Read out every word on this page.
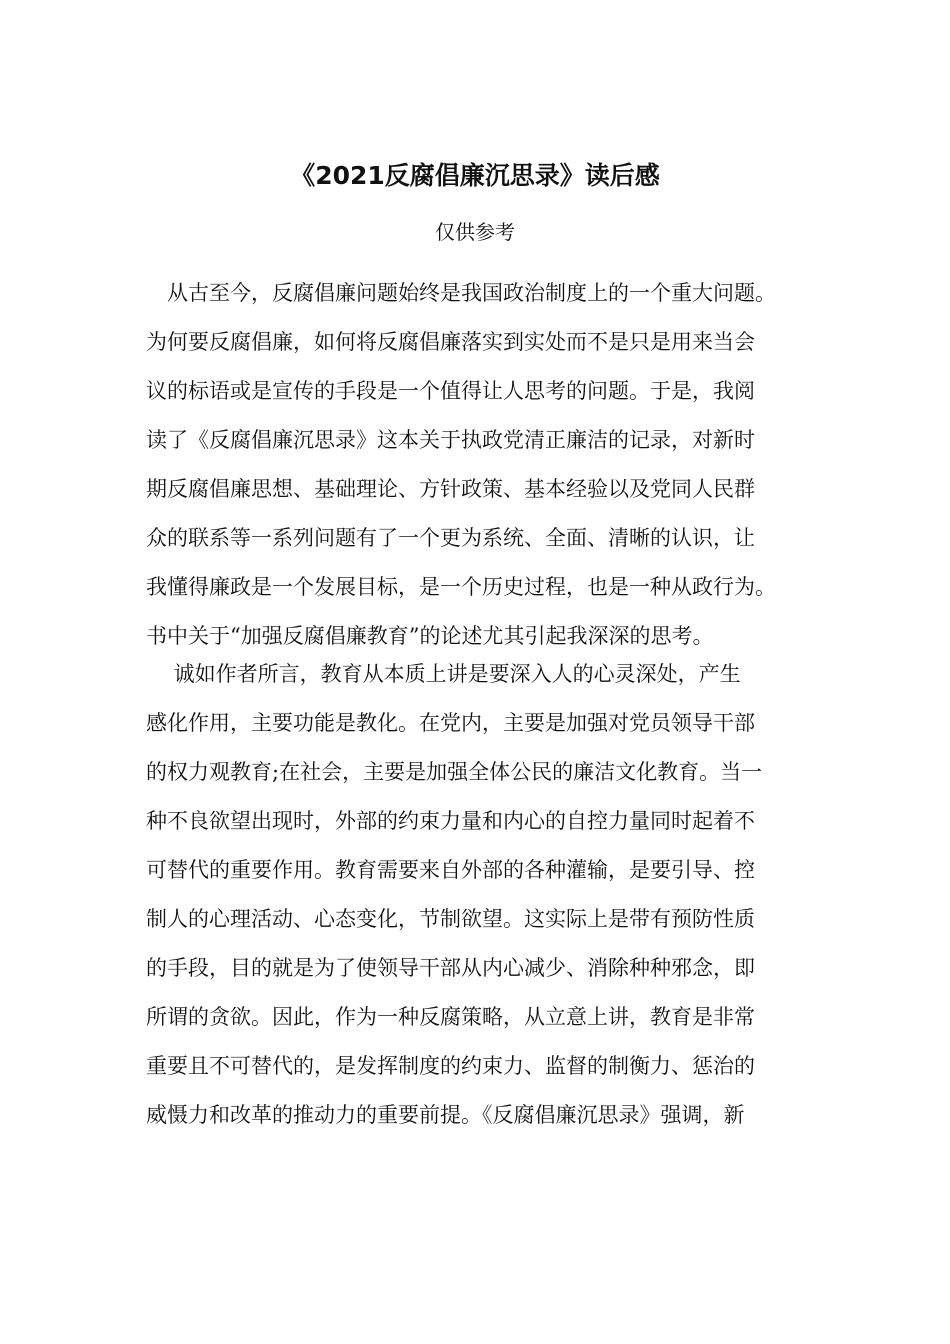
《2021反腐倡廉沉思录》读后感
仅供参考
　从古至今，反腐倡廉问题始终是我国政治制度上的一个重大问题。
为何要反腐倡廉，如何将反腐倡廉落实到实处而不是只是用来当会
议的标语或是宣传的手段是一个值得让人思考的问题。于是，我阅
读了《反腐倡廉沉思录》这本关于执政党清正廉洁的记录，对新时
期反腐倡廉思想、基础理论、方针政策、基本经验以及党同人民群
众的联系等一系列问题有了一个更为系统、全面、清晰的认识，让
我懂得廉政是一个发展目标，是一个历史过程，也是一种从政行为。
书中关于“加强反腐倡廉教育”的论述尤其引起我深深的思考。
　 诚如作者所言，教育从本质上讲是要深入人的心灵深处，产生
感化作用，主要功能是教化。在党内，主要是加强对党员领导干部
的权力观教育;在社会，主要是加强全体公民的廉洁文化教育。当一
种不良欲望出现时，外部的约束力量和内心的自控力量同时起着不
可替代的重要作用。教育需要来自外部的各种灌输，是要引导、控
制人的心理活动、心态变化，节制欲望。这实际上是带有预防性质
的手段，目的就是为了使领导干部从内心减少、消除种种邪念，即
所谓的贪欲。因此，作为一种反腐策略，从立意上讲，教育是非常
重要且不可替代的，是发挥制度的约束力、监督的制衡力、惩治的
威慑力和改革的推动力的重要前提。《反腐倡廉沉思录》强调，新
